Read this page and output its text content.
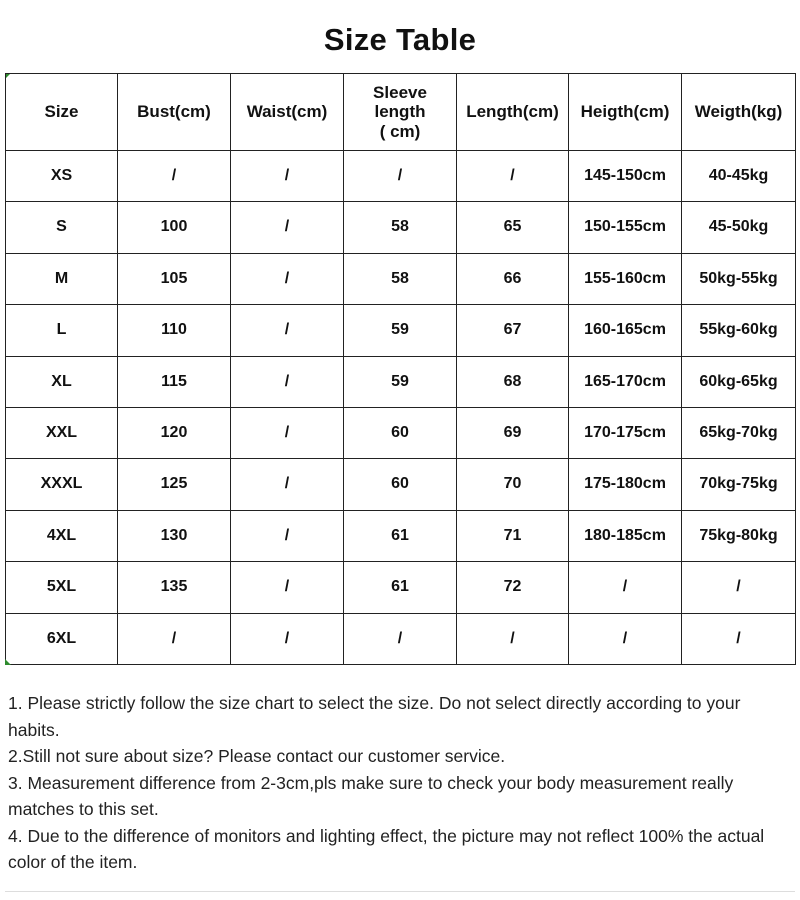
Size Table
Size	Bust(cm)	Waist(cm)	Sleeve
length
( cm)	Length(cm)	Heigth(cm)	Weigth(kg)
XS	/	/	/	/	145-150cm	40-45kg
S	100	/	58	65	150-155cm	45-50kg
M	105	/	58	66	155-160cm	50kg-55kg
L	110	/	59	67	160-165cm	55kg-60kg
XL	115	/	59	68	165-170cm	60kg-65kg
XXL	120	/	60	69	170-175cm	65kg-70kg
XXXL	125	/	60	70	175-180cm	70kg-75kg
4XL	130	/	61	71	180-185cm	75kg-80kg
5XL	135	/	61	72	/	/
6XL	/	/	/	/	/	/

1. Please strictly follow the size chart to select the size. Do not select directly according to your habits.

2.Still not sure about size? Please contact our customer service.

3. Measurement difference from 2-3cm,pls make sure to check your body measurement really matches to this set.

4. Due to the difference of monitors and lighting effect, the picture may not reflect 100% the actual color of the item.
